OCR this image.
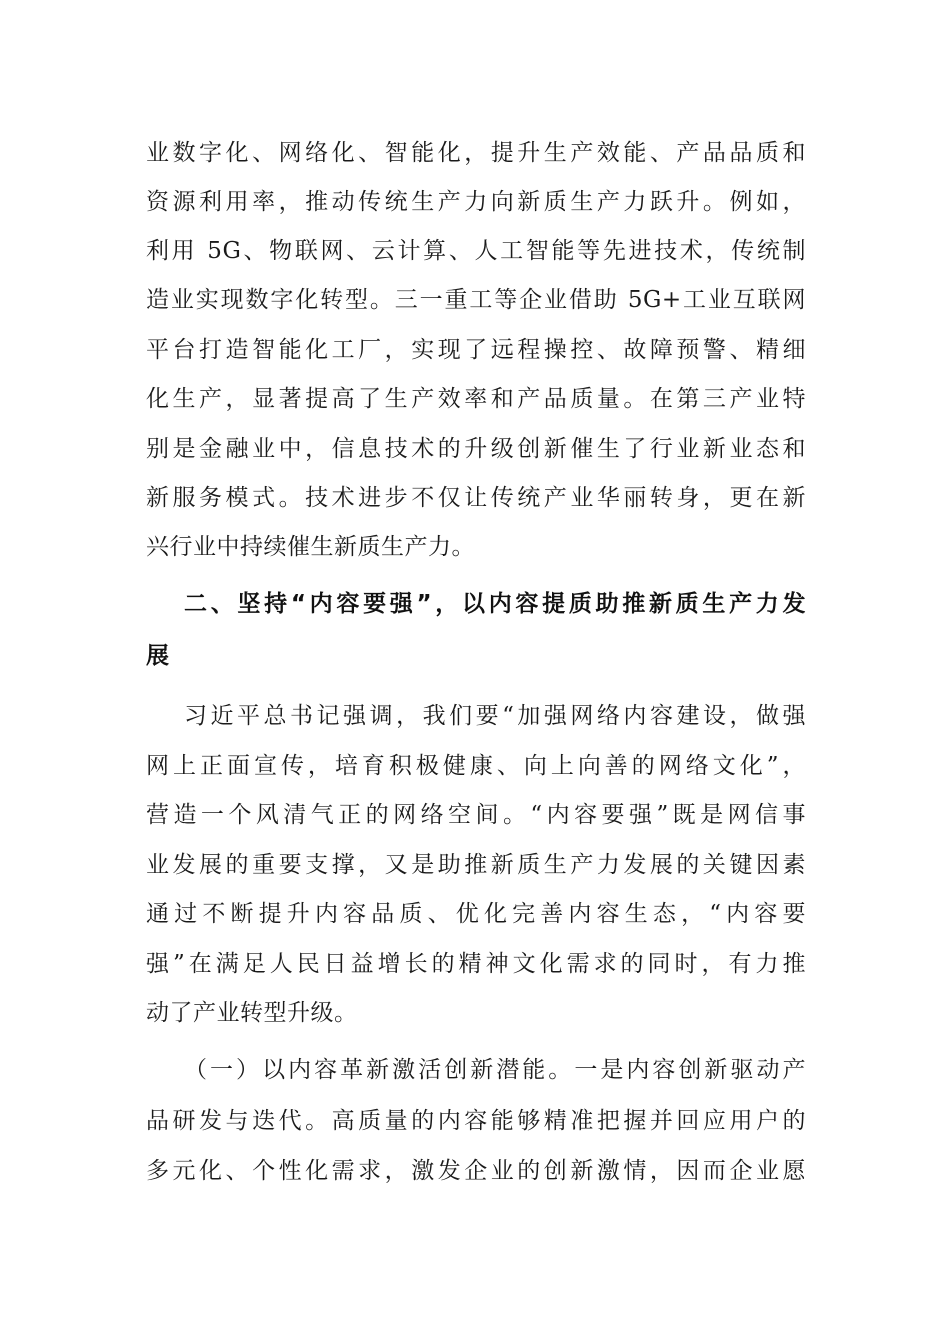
业数字化、网络化、智能化，提升生产效能、产品品质和
资源利用率，推动传统生产力向新质生产力跃升。例如，
利用 5G、物联网、云计算、人工智能等先进技术，传统制
造业实现数字化转型。三一重工等企业借助 5G+工业互联网
平台打造智能化工厂，实现了远程操控、故障预警、精细
化生产，显著提高了生产效率和产品质量。在第三产业特
别是金融业中，信息技术的升级创新催生了行业新业态和
新服务模式。技术进步不仅让传统产业华丽转身，更在新
兴行业中持续催生新质生产力。
二、坚持“内容要强”，以内容提质助推新质生产力发
展
习近平总书记强调，我们要“加强网络内容建设，做强
网上正面宣传，培育积极健康、向上向善的网络文化”，
营造一个风清气正的网络空间。“内容要强”既是网信事
业发展的重要支撑，又是助推新质生产力发展的关键因素
通过不断提升内容品质、优化完善内容生态，“内容要
强”在满足人民日益增长的精神文化需求的同时，有力推
动了产业转型升级。
（一）以内容革新激活创新潜能。一是内容创新驱动产
品研发与迭代。高质量的内容能够精准把握并回应用户的
多元化、个性化需求，激发企业的创新激情，因而企业愿
